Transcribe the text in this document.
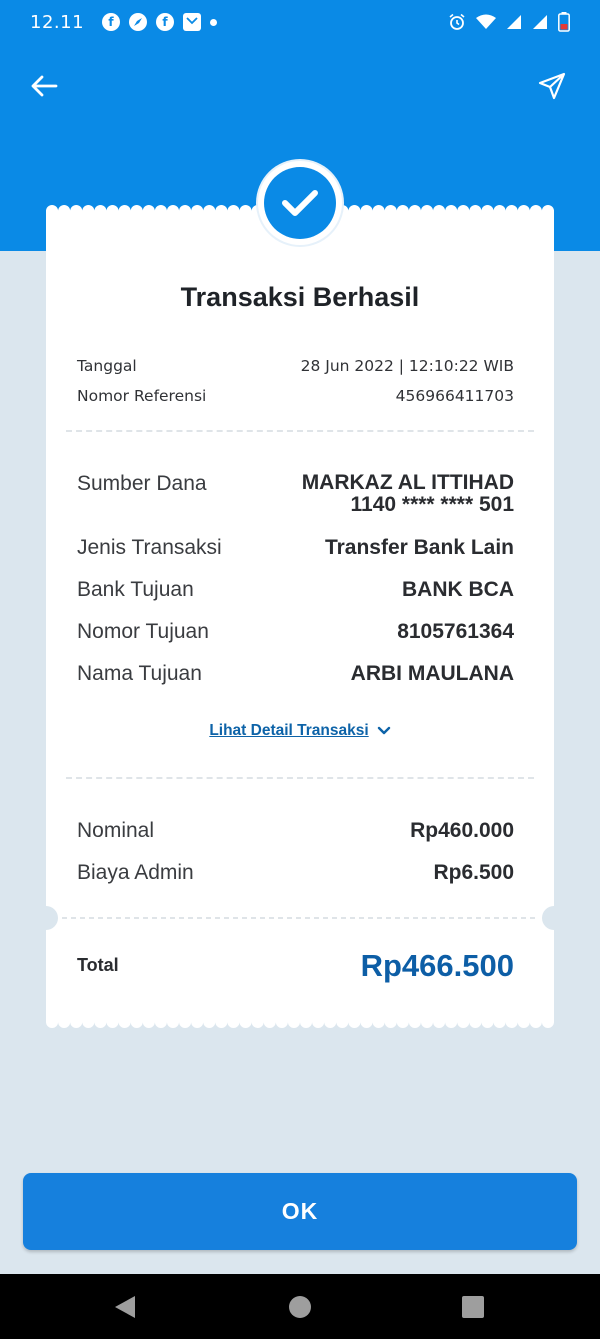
12.11	f	f
Transaksi Berhasil
Tanggal	28 Jun 2022 | 12:10:22 WIB
Nomor Referensi	456966411703
Sumber Dana	MARKAZ AL ITTIHAD
1140 **** **** 501
Jenis Transaksi	Transfer Bank Lain
Bank Tujuan	BANK BCA
Nomor Tujuan	8105761364
Nama Tujuan	ARBI MAULANA
Lihat Detail Transaksi
Nominal	Rp460.000
Biaya Admin	Rp6.500
Total	Rp466.500
OK
